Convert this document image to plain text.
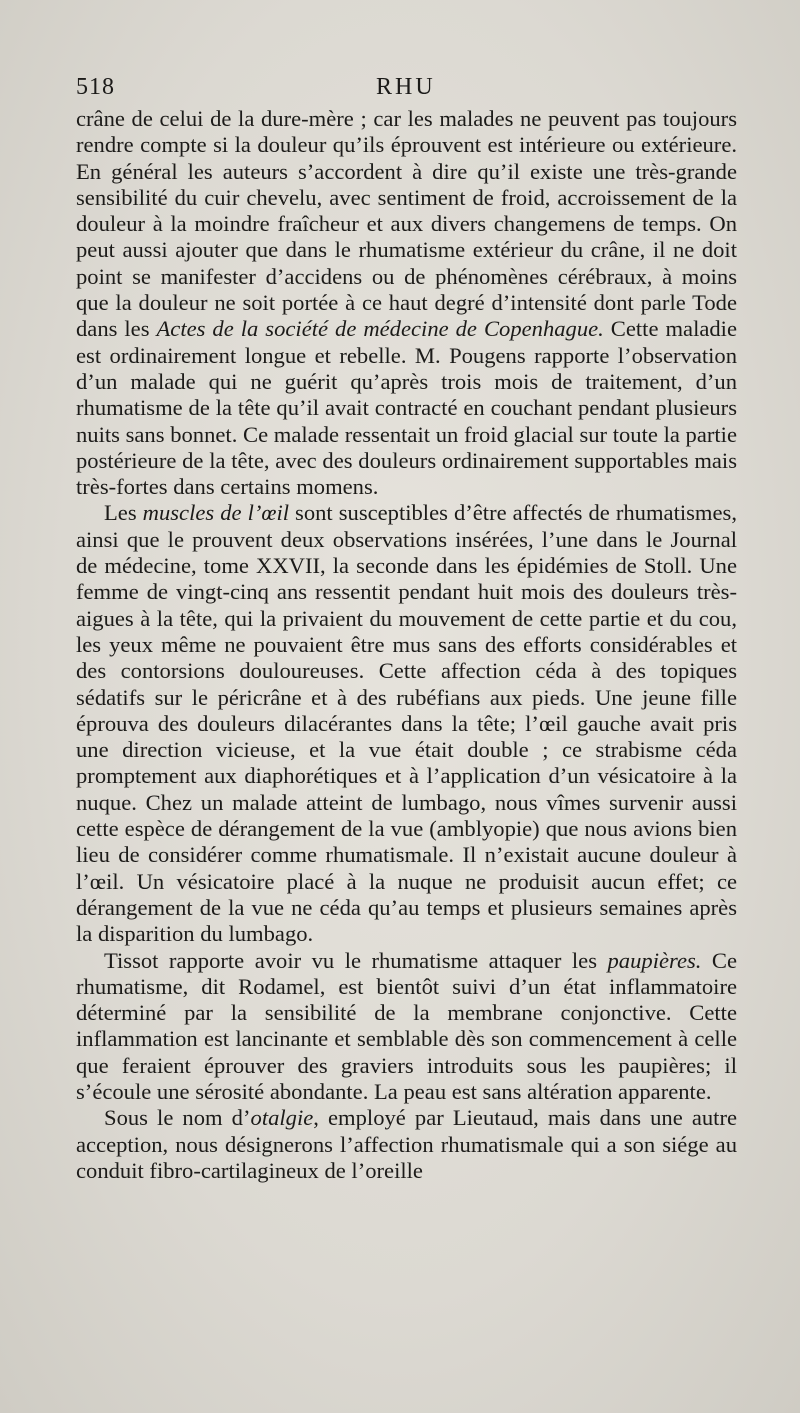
518	RHU

crâne de celui de la dure-mère ; car les malades ne peuvent pas toujours rendre compte si la douleur qu’ils éprouvent est intérieure ou extérieure. En général les auteurs s’accordent à dire qu’il existe une très-grande sensibilité du cuir chevelu, avec sentiment de froid, accroissement de la douleur à la moindre fraîcheur et aux divers changemens de temps. On peut aussi ajouter que dans le rhumatisme extérieur du crâne, il ne doit point se manifester d’accidens ou de phénomènes cérébraux, à moins que la douleur ne soit portée à ce haut degré d’intensité dont parle Tode dans les Actes de la société de médecine de Copenhague. Cette maladie est ordinairement longue et rebelle. M. Pougens rapporte l’observation d’un malade qui ne guérit qu’après trois mois de traitement, d’un rhumatisme de la tête qu’il avait contracté en couchant pendant plusieurs nuits sans bonnet. Ce malade ressentait un froid glacial sur toute la partie postérieure de la tête, avec des douleurs ordinairement supportables mais très-fortes dans certains momens.

Les muscles de l’œil sont susceptibles d’être affectés de rhumatismes, ainsi que le prouvent deux observations insérées, l’une dans le Journal de médecine, tome XXVII, la seconde dans les épidémies de Stoll. Une femme de vingt-cinq ans ressentit pendant huit mois des douleurs très-aigues à la tête, qui la privaient du mouvement de cette partie et du cou, les yeux même ne pouvaient être mus sans des efforts considérables et des contorsions douloureuses. Cette affection céda à des topiques sédatifs sur le péricrâne et à des rubéfians aux pieds. Une jeune fille éprouva des douleurs dilacérantes dans la tête; l’œil gauche avait pris une direction vicieuse, et la vue était double ; ce strabisme céda promptement aux diaphorétiques et à l’application d’un vésicatoire à la nuque. Chez un malade atteint de lumbago, nous vîmes survenir aussi cette espèce de dérangement de la vue (amblyopie) que nous avions bien lieu de considérer comme rhumatismale. Il n’existait aucune douleur à l’œil. Un vésicatoire placé à la nuque ne produisit aucun effet; ce dérangement de la vue ne céda qu’au temps et plusieurs semaines après la disparition du lumbago.

Tissot rapporte avoir vu le rhumatisme attaquer les paupières. Ce rhumatisme, dit Rodamel, est bientôt suivi d’un état inflammatoire déterminé par la sensibilité de la membrane conjonctive. Cette inflammation est lancinante et semblable dès son commencement à celle que feraient éprouver des graviers introduits sous les paupières; il s’écoule une sérosité abondante. La peau est sans altération apparente.

Sous le nom d’otalgie, employé par Lieutaud, mais dans une autre acception, nous désignerons l’affection rhumatismale qui a son siége au conduit fibro-cartilagineux de l’oreille
